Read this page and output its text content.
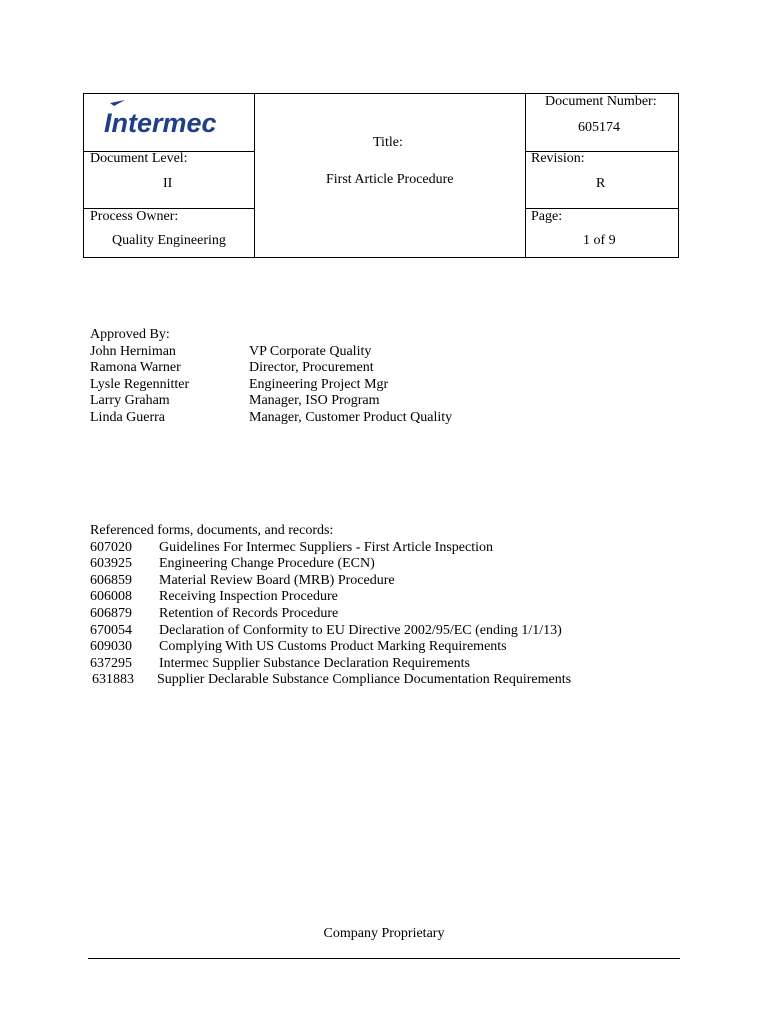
Intermec
Document Level:
II
Process Owner:
Quality Engineering
Title:
First Article Procedure
Document Number:
605174
Revision:
R
Page:
1 of 9
Approved By:
John Herniman	VP Corporate Quality
Ramona Warner	Director, Procurement
Lysle Regennitter	Engineering Project Mgr
Larry Graham	Manager, ISO Program
Linda Guerra	Manager, Customer Product Quality
Referenced forms, documents, and records:
607020 Guidelines For Intermec Suppliers - First Article Inspection
603925 Engineering Change Procedure (ECN)
606859 Material Review Board (MRB) Procedure
606008 Receiving Inspection Procedure
606879 Retention of Records Procedure
670054 Declaration of Conformity to EU Directive 2002/95/EC (ending 1/1/13)
609030 Complying With US Customs Product Marking Requirements
637295 Intermec Supplier Substance Declaration Requirements
631883 Supplier Declarable Substance Compliance Documentation Requirements
Company Proprietary
